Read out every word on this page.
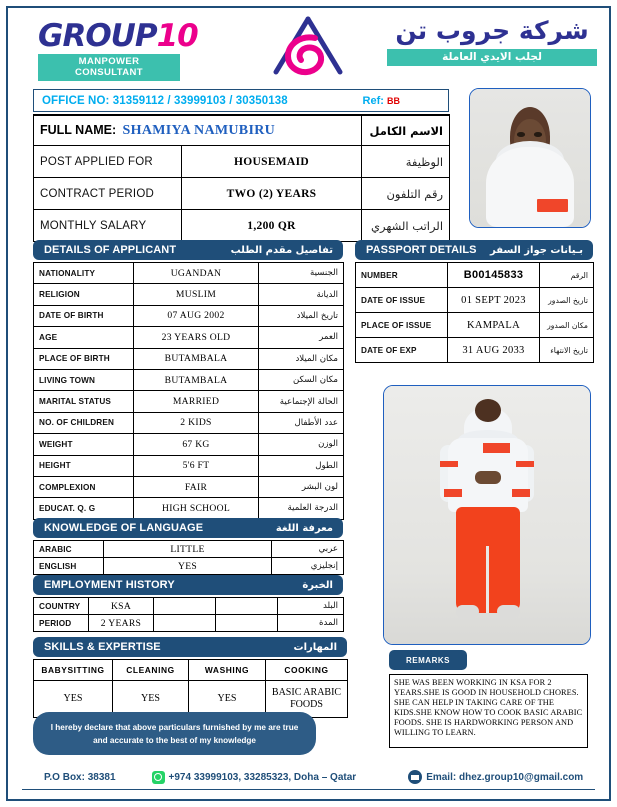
GROUP10
MANPOWER CONSULTANT
شركة جروب تن
لجلب الايدي العاملة
OFFICE NO: 31359112 / 33999103 / 30350138	Ref: BB
FULL NAME: SHAMIYA NAMUBIRU		الاسم الكامل
POST APPLIED FOR	HOUSEMAID	الوظيفة
CONTRACT PERIOD	TWO (2) YEARS	رقم التلفون
MONTHLY SALARY	1,200 QR	الراتب الشهري
DETAILS OF APPLICANT	تفاصيل مقدم الطلب
NATIONALITY	UGANDAN	الجنسية
RELIGION	MUSLIM	الديانة
DATE OF BIRTH	07 AUG 2002	تاريخ الميلاد
AGE	23 YEARS OLD	العمر
PLACE OF BIRTH	BUTAMBALA	مكان الميلاد
LIVING TOWN	BUTAMBALA	مكان السكن
MARITAL STATUS	MARRIED	الحالة الإجتماعية
NO. OF CHILDREN	2 KIDS	عدد الأطفال
WEIGHT	67 KG	الوزن
HEIGHT	5'6 FT	الطول
COMPLEXION	FAIR	لون البشر
EDUCAT. Q. G	HIGH SCHOOL	الدرجة العلمية
PASSPORT DETAILS بـيانات جواز السفر
NUMBER	B00145833	الرقم
DATE OF ISSUE	01 SEPT 2023	تاريخ الصدور
PLACE OF ISSUE	KAMPALA	مكان الصدور
DATE OF EXP	31 AUG 2033	تاريخ الانتهاء
KNOWLEDGE OF LANGUAGE	معرفة اللغة
ARABIC	LITTLE	عربي
ENGLISH	YES	إنجليزي
EMPLOYMENT HISTORY	الخبرة
COUNTRY	KSA			البلد
PERIOD	2 YEARS			المدة
SKILLS & EXPERTISE	المهارات
BABYSITTING	CLEANING	WASHING	COOKING
YES	YES	YES	BASIC ARABIC FOODS
I hereby declare that above particulars furnished by me are true and accurate to the best of my knowledge
REMARKS
SHE WAS BEEN WORKING IN KSA FOR 2 YEARS.SHE IS GOOD IN HOUSEHOLD CHORES. SHE CAN HELP IN TAKING CARE OF THE KIDS.SHE KNOW HOW TO COOK BASIC ARABIC FOODS. SHE IS HARDWORKING PERSON AND WILLING TO LEARN.
P.O Box: 38381	+974 33999103, 33285323, Doha – Qatar	Email: dhez.group10@gmail.com
